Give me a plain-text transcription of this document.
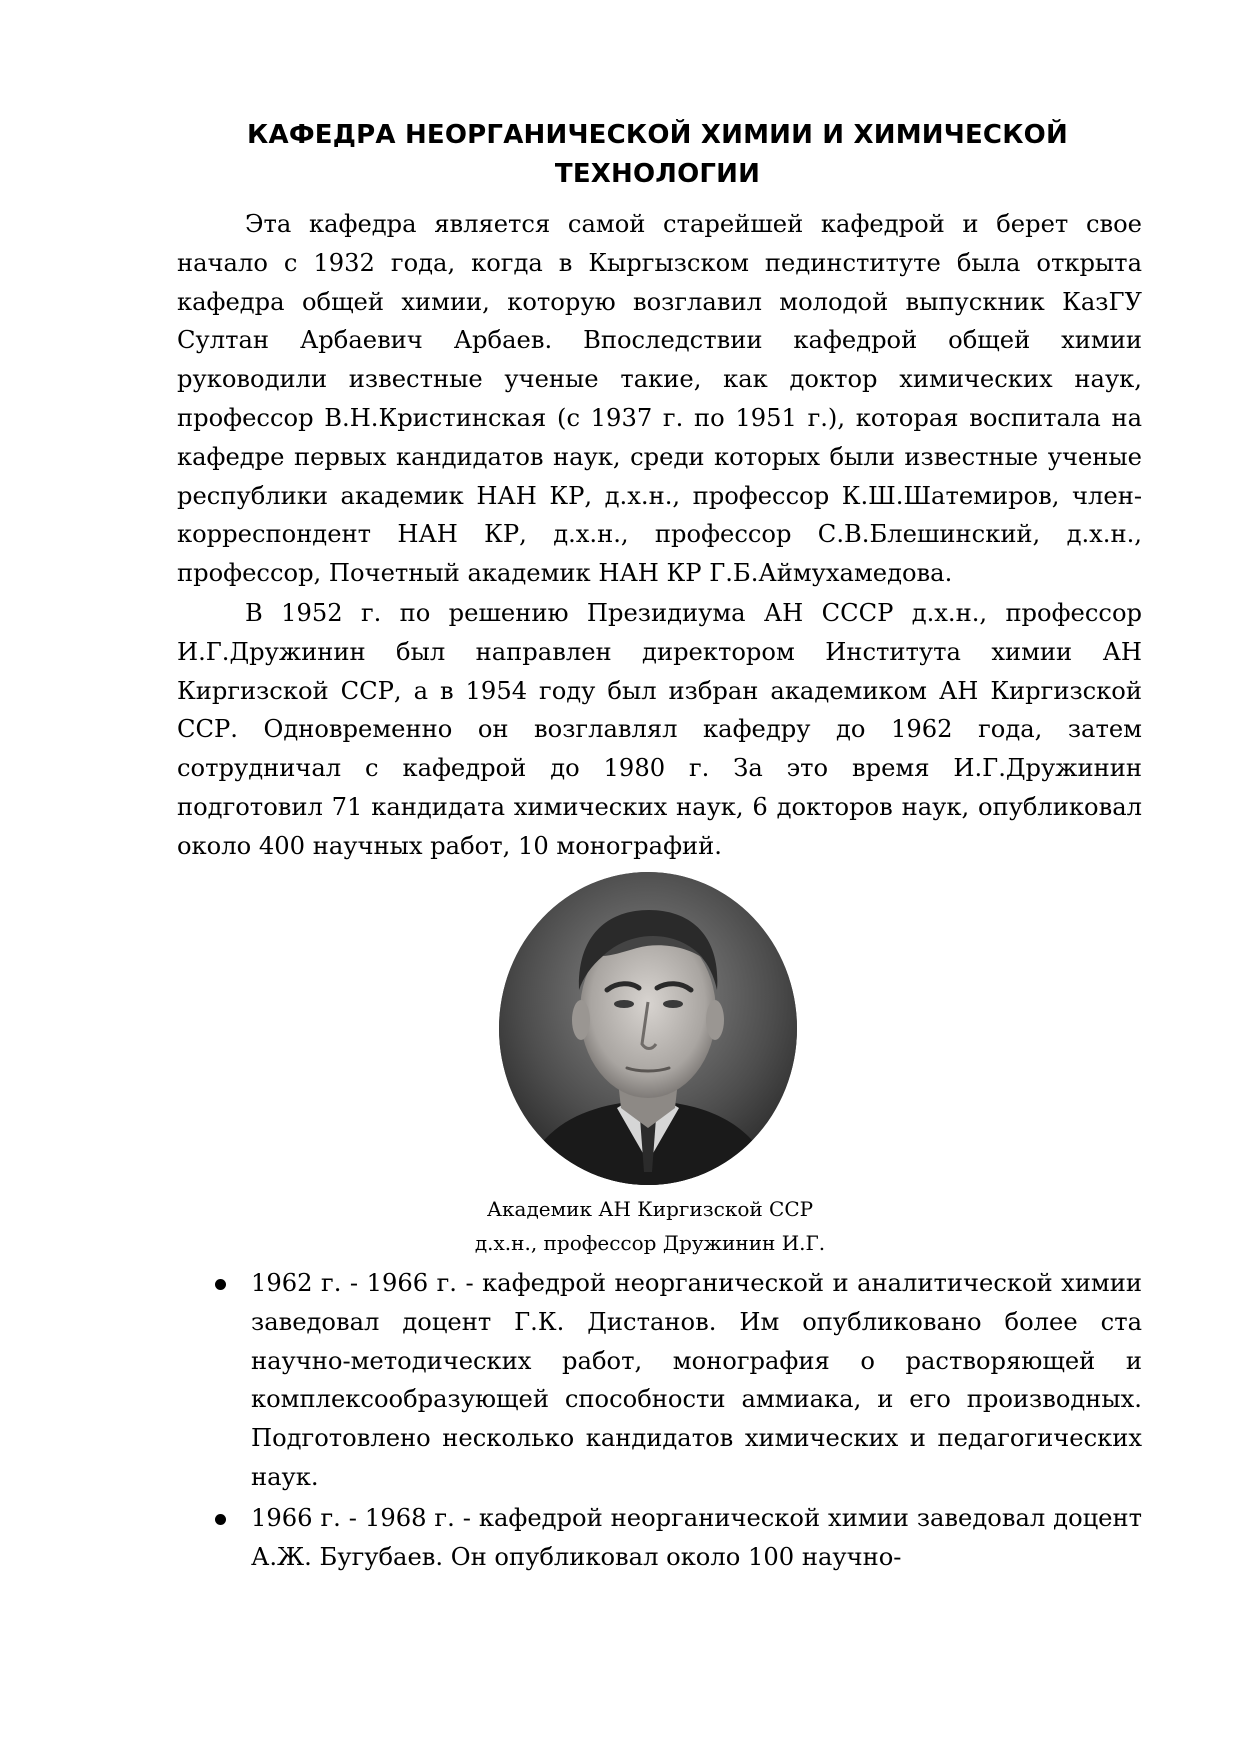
КАФЕДРА НЕОРГАНИЧЕСКОЙ ХИМИИ И ХИМИЧЕСКОЙ ТЕХНОЛОГИИ

Эта кафедра является самой старейшей кафедрой и берет свое начало с 1932 года, когда в Кыргызском пединституте была открыта кафедра общей химии, которую возглавил молодой выпускник КазГУ Султан Арбаевич Арбаев. Впоследствии кафедрой общей химии руководили известные ученые такие, как доктор химических наук, профессор В.Н.Кристинская (с 1937 г. по 1951 г.), которая воспитала на кафедре первых кандидатов наук, среди которых были известные ученые республики академик НАН КР, д.х.н., профессор К.Ш.Шатемиров, член-корреспондент НАН КР, д.х.н., профессор С.В.Блешинский, д.х.н., профессор, Почетный академик НАН КР Г.Б.Аймухамедова.

В 1952 г. по решению Президиума АН СССР д.х.н., профессор И.Г.Дружинин был направлен директором Института химии АН Киргизской ССР, а в 1954 году был избран академиком АН Киргизской ССР. Одновременно он возглавлял кафедру до 1962 года, затем сотрудничал с кафедрой до 1980 г. За это время И.Г.Дружинин подготовил 71 кандидата химических наук, 6 докторов наук, опубликовал около 400 научных работ, 10 монографий.

Академик АН Киргизской ССР
д.х.н., профессор Дружинин И.Г.
1962 г. - 1966 г. - кафедрой неорганической и аналитической химии заведовал доцент Г.К. Дистанов. Им опубликовано более ста научно-методических работ, монография о растворяющей и комплексообразующей способности аммиака, и его производных. Подготовлено несколько кандидатов химических и педагогических наук.
1966 г. - 1968 г. - кафедрой неорганической химии заведовал доцент А.Ж. Бугубаев. Он опубликовал около 100 научно-
